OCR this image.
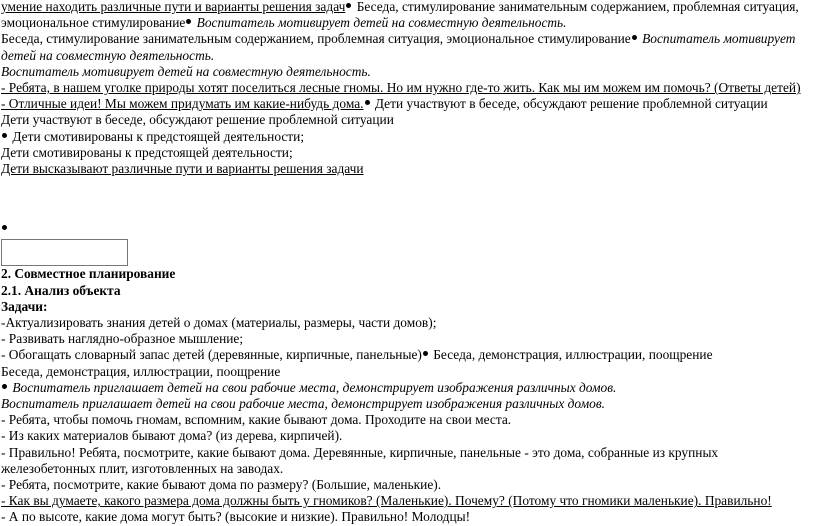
умение находить различные пути и варианты решения задач Беседа, стимулирование занимательным содержанием, проблемная ситуация,
эмоциональное стимулирование Воспитатель мотивирует детей на совместную деятельность.
Беседа, стимулирование занимательным содержанием, проблемная ситуация, эмоциональное стимулирование Воспитатель мотивирует
детей на совместную деятельность.
Воспитатель мотивирует детей на совместную деятельность.
- Ребята, в нашем уголке природы хотят поселиться лесные гномы. Но им нужно где-то жить. Как мы им можем им помочь? (Ответы детей)
- Отличные идеи! Мы можем придумать им какие-нибудь дома. Дети участвуют в беседе, обсуждают решение проблемной ситуации
Дети участвуют в беседе, обсуждают решение проблемной ситуации
Дети смотивированы к предстоящей деятельности;
Дети смотивированы к предстоящей деятельности;
Дети высказывают различные пути и варианты решения задачи
2. Совместное планирование
2.1. Анализ объекта
Задачи:
-Актуализировать знания детей о домах (материалы, размеры, части домов);
- Развивать наглядно-образное мышление;
- Обогащать словарный запас детей (деревянные, кирпичные, панельные) Беседа, демонстрация, иллюстрации, поощрение
Беседа, демонстрация, иллюстрации, поощрение
Воспитатель приглашает детей на свои рабочие места, демонстрирует изображения различных домов.
Воспитатель приглашает детей на свои рабочие места, демонстрирует изображения различных домов.
- Ребята, чтобы помочь гномам, вспомним, какие бывают дома. Проходите на свои места.
- Из каких материалов бывают дома? (из дерева, кирпичей).
- Правильно! Ребята, посмотрите, какие бывают дома. Деревянные, кирпичные, панельные - это дома, собранные из крупных железобетонных плит, изготовленных на заводах.
- Ребята, посмотрите, какие бывают дома по размеру? (Большие, маленькие).
- Как вы думаете, какого размера дома должны быть у гномиков? (Маленькие). Почему? (Потому что гномики маленькие). Правильно!
- А по высоте, какие дома могут быть? (высокие и низкие). Правильно! Молодцы!
